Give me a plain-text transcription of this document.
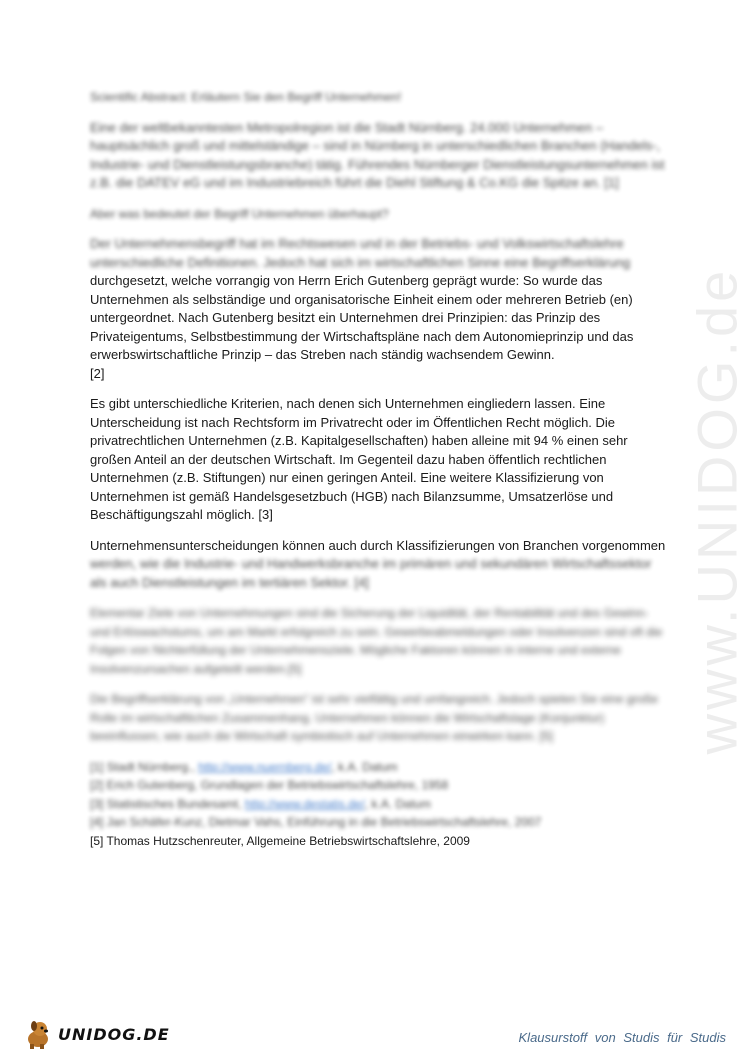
www.UNIDOG.de

Scientific Abstract: Erläutern Sie den Begriff Unternehmen!

Eine der weltbekanntesten Metropolregion ist die Stadt Nürnberg. 24.000 Unternehmen – hauptsächlich groß und mittelständige – sind in Nürnberg in unterschiedlichen Branchen (Handels-, Industrie- und Dienstleistungsbranche) tätig. Führendes Nürnberger Dienstleistungsunternehmen ist z.B. die DATEV eG und im Industriebreich führt die Diehl Stiftung & Co.KG die Spitze an. [1]

Aber was bedeutet der Begriff Unternehmen überhaupt?

Der Unternehmensbegriff hat im Rechtswesen und in der Betriebs- und Volkswirtschaftslehre unterschiedliche Definitionen. Jedoch hat sich im wirtschaftlichen Sinne eine Begriffserklärung
durchgesetzt, welche vorrangig von Herrn Erich Gutenberg geprägt wurde: So wurde das Unternehmen als selbständige und organisatorische Einheit einem oder mehreren Betrieb (en) untergeordnet. Nach Gutenberg besitzt ein Unternehmen drei Prinzipien: das Prinzip des Privateigentums, Selbstbestimmung der Wirtschaftspläne nach dem Autonomieprinzip und das erwerbswirtschaftliche Prinzip – das Streben nach ständig wachsendem Gewinn.
[2]

Es gibt unterschiedliche Kriterien, nach denen sich Unternehmen eingliedern lassen. Eine Unterscheidung ist nach Rechtsform im Privatrecht oder im Öffentlichen Recht möglich. Die privatrechtlichen Unternehmen (z.B. Kapitalgesellschaften) haben alleine mit 94 % einen sehr großen Anteil an der deutschen Wirtschaft. Im Gegenteil dazu haben öffentlich rechtlichen Unternehmen (z.B. Stiftungen) nur einen geringen Anteil. Eine weitere Klassifizierung von Unternehmen ist gemäß Handelsgesetzbuch (HGB) nach Bilanzsumme, Umsatzerlöse und Beschäftigungszahl möglich. [3]

Unternehmensunterscheidungen können auch durch Klassifizierungen von Branchen vorgenommen
werden, wie die Industrie- und Handwerksbranche im primären und sekundären Wirtschaftssektor als auch Dienstleistungen im tertiären Sektor. [4]

Elementar Ziele von Unternehmungen sind die Sicherung der Liquidität, der Rentabilität und des Gewinn- und Erlöswachstums, um am Markt erfolgreich zu sein. Gewerbeabmeldungen oder Insolvenzen sind oft die Folgen von Nichterfüllung der Unternehmensziele. Mögliche Faktoren können in interne und externe Insolvenzursachen aufgeteilt werden.[5]

Die Begriffserklärung von „Unternehmen“ ist sehr vielfältig und umfangreich. Jedoch spielen Sie eine große Rolle im wirtschaftlichen Zusammenhang. Unternehmen können die Wirtschaftslage (Konjunktur) beeinflussen, wie auch die Wirtschaft symbiotisch auf Unternehmen einwirken kann. [5]

[1] Stadt Nürnberg., http://www.nuernberg.de/, k.A. Datum
[2] Erich Gutenberg, Grundlagen der Betriebswirtschaftslehre, 1958
[3] Statistisches Bundesamt, http://www.destatis.de/, k.A. Datum
[4] Jan Schäfer-Kunz, Dietmar Vahs, Einführung in die Betriebswirtschaftslehre, 2007
[5] Thomas Hutzschenreuter, Allgemeine Betriebswirtschaftslehre, 2009
UNIDOG.DE	Klausurstoff von Studis für Studis
